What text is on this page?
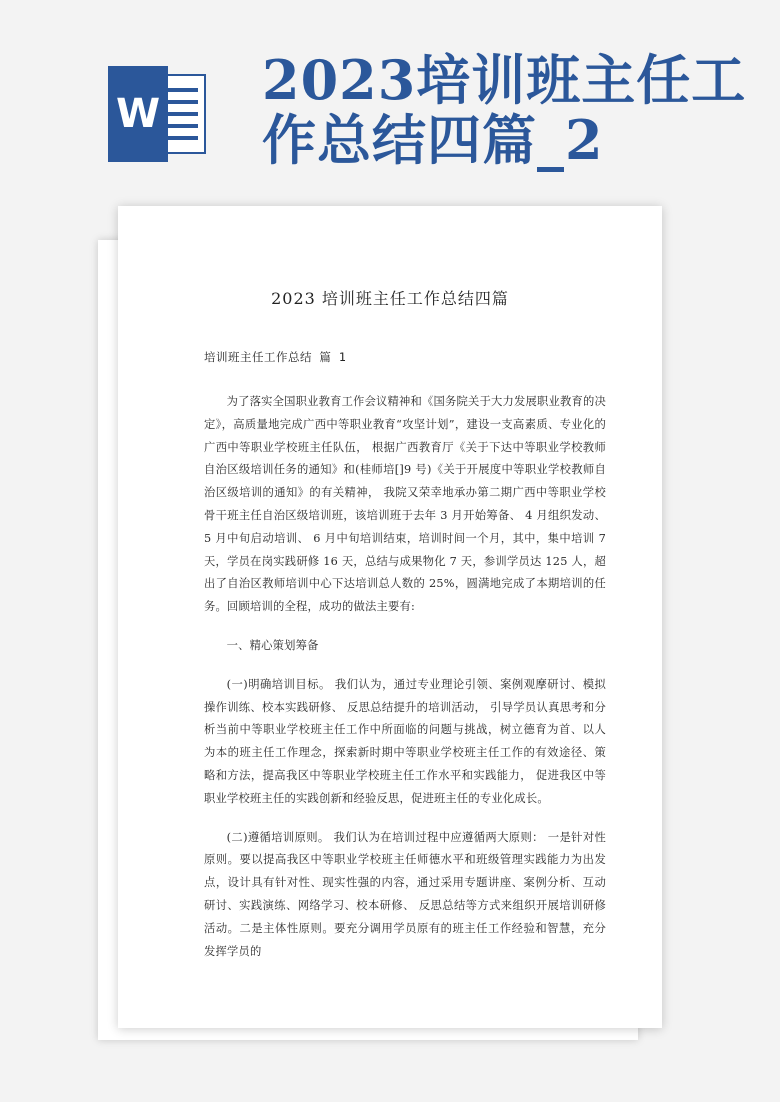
W
2023培训班主任工作总结四篇_2
2023 培训班主任工作总结四篇
培训班主任工作总结 篇 1

为了落实全国职业教育工作会议精神和《国务院关于大力发展职业教育的决定》，高质量地完成广西中等职业教育“攻坚计划”，建设一支高素质、专业化的广西中等职业学校班主任队伍， 根据广西教育厅《关于下达中等职业学校教师自治区级培训任务的通知》和(桂师培[]9 号)《关于开展度中等职业学校教师自治区级培训的通知》的有关精神， 我院又荣幸地承办第二期广西中等职业学校骨干班主任自治区级培训班，该培训班于去年 3 月开始筹备、 4 月组织发动、 5 月中旬启动培训、 6 月中旬培训结束，培训时间一个月，其中，集中培训 7 天，学员在岗实践研修 16 天，总结与成果物化 7 天，参训学员达 125 人，超出了自治区教师培训中心下达培训总人数的 25%，圆满地完成了本期培训的任务。回顾培训的全程，成功的做法主要有:

一、精心策划筹备

(一)明确培训目标。 我们认为，通过专业理论引领、案例观摩研讨、模拟操作训练、校本实践研修、 反思总结提升的培训活动， 引导学员认真思考和分析当前中等职业学校班主任工作中所面临的问题与挑战，树立德育为首、以人为本的班主任工作理念，探索新时期中等职业学校班主任工作的有效途径、策略和方法，提高我区中等职业学校班主任工作水平和实践能力， 促进我区中等职业学校班主任的实践创新和经验反思，促进班主任的专业化成长。

(二)遵循培训原则。 我们认为在培训过程中应遵循两大原则： 一是针对性原则。要以提高我区中等职业学校班主任师德水平和班级管理实践能力为出发点，设计具有针对性、现实性强的内容，通过采用专题讲座、案例分析、互动研讨、实践演练、网络学习、校本研修、 反思总结等方式来组织开展培训研修活动。二是主体性原则。要充分调用学员原有的班主任工作经验和智慧，充分发挥学员的
